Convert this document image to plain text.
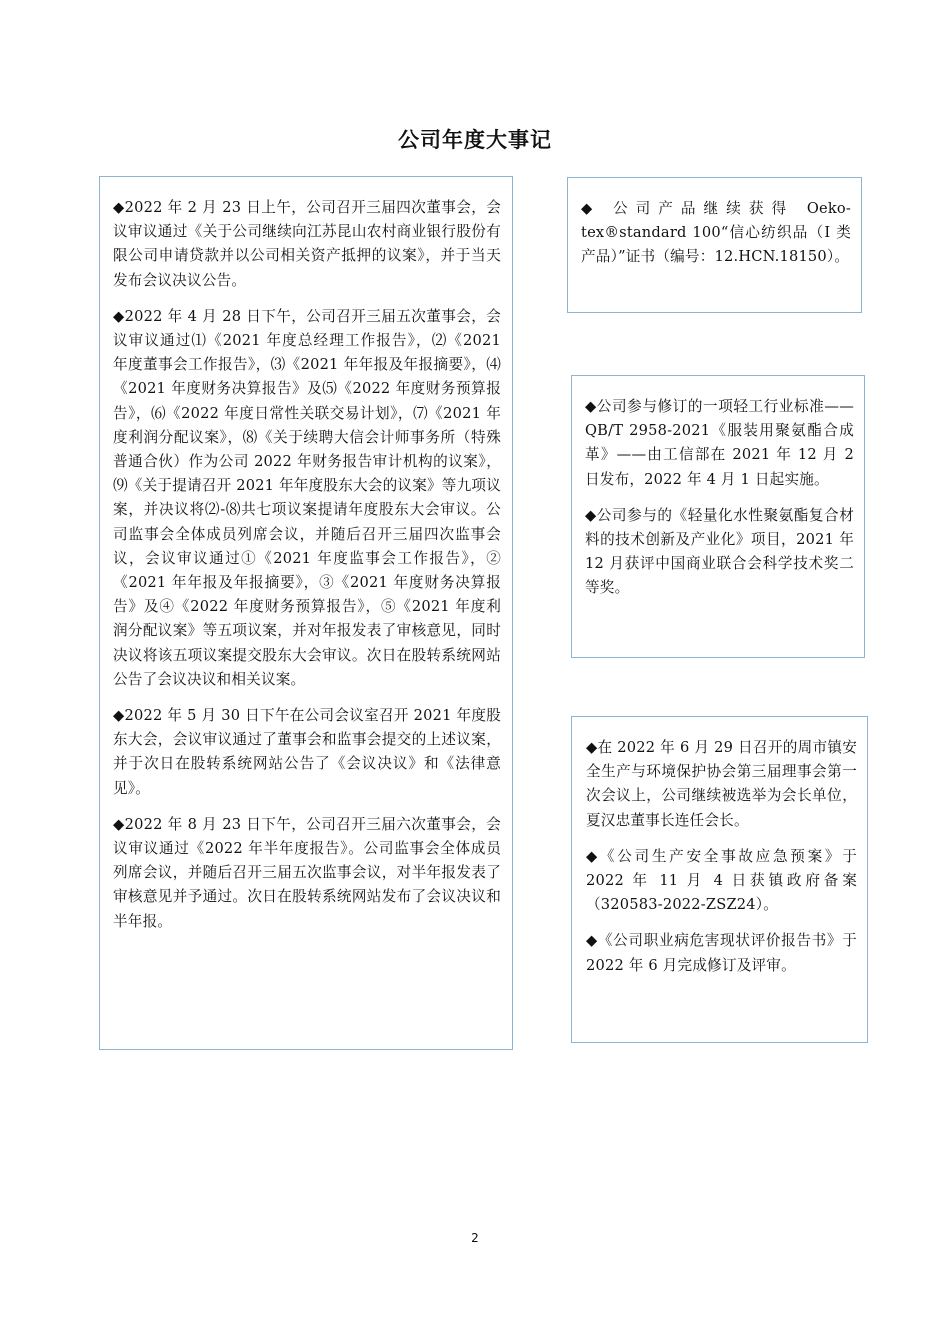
公司年度大事记

◆2022 年 2 月 23 日上午，公司召开三届四次董事会，会议审议通过《关于公司继续向江苏昆山农村商业银行股份有限公司申请贷款并以公司相关资产抵押的议案》，并于当天发布会议决议公告。

◆2022 年 4 月 28 日下午，公司召开三届五次董事会，会议审议通过⑴《2021 年度总经理工作报告》，⑵《2021 年度董事会工作报告》，⑶《2021 年年报及年报摘要》，⑷《2021 年度财务决算报告》及⑸《2022 年度财务预算报告》，⑹《2022 年度日常性关联交易计划》，⑺《2021 年度利润分配议案》，⑻《关于续聘大信会计师事务所（特殊普通合伙）作为公司 2022 年财务报告审计机构的议案》，⑼《关于提请召开 2021 年年度股东大会的议案》等九项议案，并决议将⑵-⑻共七项议案提请年度股东大会审议。公司监事会全体成员列席会议，并随后召开三届四次监事会议，会议审议通过①《2021 年度监事会工作报告》，②《2021 年年报及年报摘要》，③《2021 年度财务决算报告》及④《2022 年度财务预算报告》，⑤《2021 年度利润分配议案》等五项议案，并对年报发表了审核意见，同时决议将该五项议案提交股东大会审议。次日在股转系统网站公告了会议决议和相关议案。

◆2022 年 5 月 30 日下午在公司会议室召开 2021 年度股东大会，会议审议通过了董事会和监事会提交的上述议案，并于次日在股转系统网站公告了《会议决议》和《法律意见》。

◆2022 年 8 月 23 日下午，公司召开三届六次董事会，会议审议通过《2022 年半年度报告》。公司监事会全体成员列席会议，并随后召开三届五次监事会议，对半年报发表了审核意见并予通过。次日在股转系统网站发布了会议决议和半年报。

◆ 公司产品继续获得 Oeko-tex®standard 100“信心纺织品（I 类产品）”证书（编号：12.HCN.18150）。

◆公司参与修订的一项轻工行业标准——QB/T 2958-2021《服装用聚氨酯合成革》——由工信部在 2021 年 12 月 2 日发布，2022 年 4 月 1 日起实施。

◆公司参与的《轻量化水性聚氨酯复合材料的技术创新及产业化》项目，2021 年 12 月获评中国商业联合会科学技术奖二等奖。

◆在 2022 年 6 月 29 日召开的周市镇安全生产与环境保护协会第三届理事会第一次会议上，公司继续被选举为会长单位，夏汉忠董事长连任会长。

◆《公司生产安全事故应急预案》于 2022 年 11 月 4 日获镇政府备案（320583-2022-ZSZ24）。

◆《公司职业病危害现状评价报告书》于 2022 年 6 月完成修订及评审。

2
